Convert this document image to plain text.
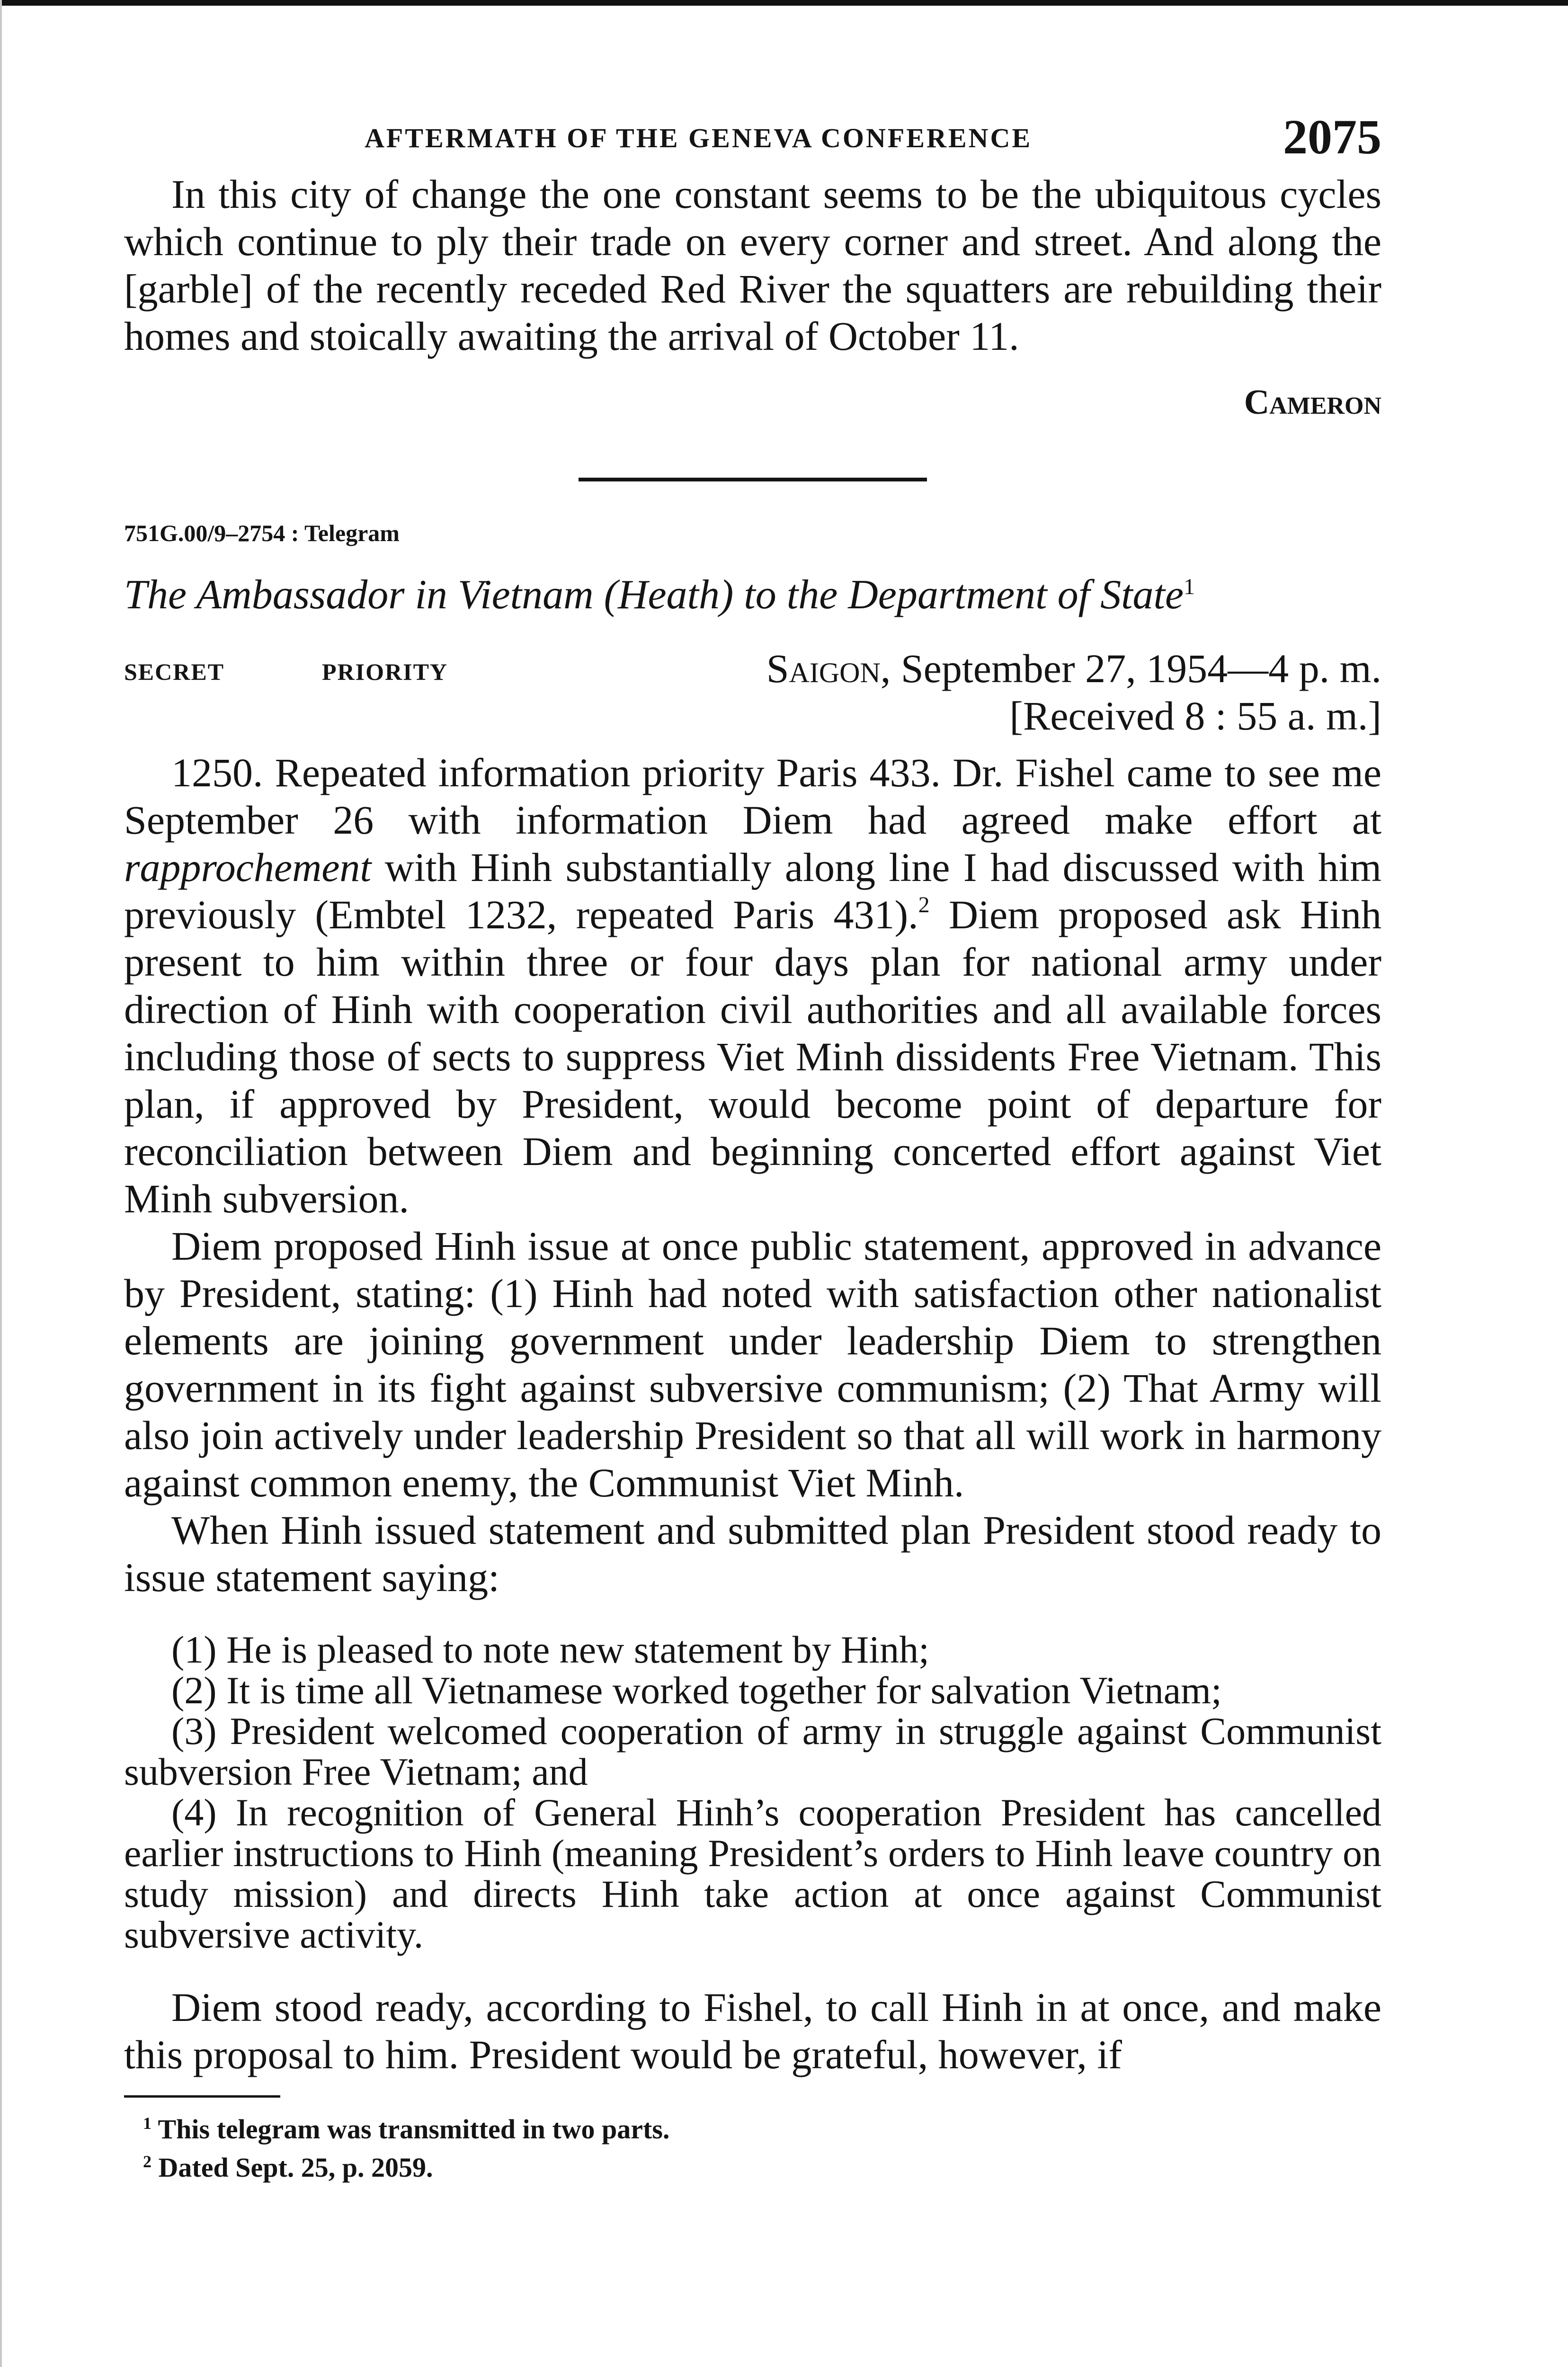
AFTERMATH OF THE GENEVA CONFERENCE	2075

In this city of change the one constant seems to be the ubiquitous cycles which continue to ply their trade on every corner and street. And along the [garble] of the recently receded Red River the squatters are rebuilding their homes and stoically awaiting the arrival of October 11.

Cameron
751G.00/9–2754 : Telegram
The Ambassador in Vietnam (Heath) to the Department of State$^1$
SECRET	PRIORITY	Saigon, September 27, 1954—4 p. m.
[Received 8 : 55 a. m.]

1250. Repeated information priority Paris 433. Dr. Fishel came to see me September 26 with information Diem had agreed make effort at rapprochement with Hinh substantially along line I had discussed with him previously (Embtel 1232, repeated Paris 431).$^2$ Diem proposed ask Hinh present to him within three or four days plan for national army under direction of Hinh with cooperation civil authorities and all available forces including those of sects to suppress Viet Minh dissidents Free Vietnam. This plan, if approved by President, would become point of departure for reconciliation between Diem and beginning concerted effort against Viet Minh subversion.

Diem proposed Hinh issue at once public statement, approved in advance by President, stating: (1) Hinh had noted with satisfaction other nationalist elements are joining government under leadership Diem to strengthen government in its fight against subversive communism; (2) That Army will also join actively under leadership President so that all will work in harmony against common enemy, the Communist Viet Minh.

When Hinh issued statement and submitted plan President stood ready to issue statement saying:

(1) He is pleased to note new statement by Hinh;

(2) It is time all Vietnamese worked together for salvation Vietnam;

(3) President welcomed cooperation of army in struggle against Communist subversion Free Vietnam; and

(4) In recognition of General Hinh’s cooperation President has cancelled earlier instructions to Hinh (meaning President’s orders to Hinh leave country on study mission) and directs Hinh take action at once against Communist subversive activity.

Diem stood ready, according to Fishel, to call Hinh in at once, and make this proposal to him. President would be grateful, however, if

$^1$ This telegram was transmitted in two parts.
$^2$ Dated Sept. 25, p. 2059.
